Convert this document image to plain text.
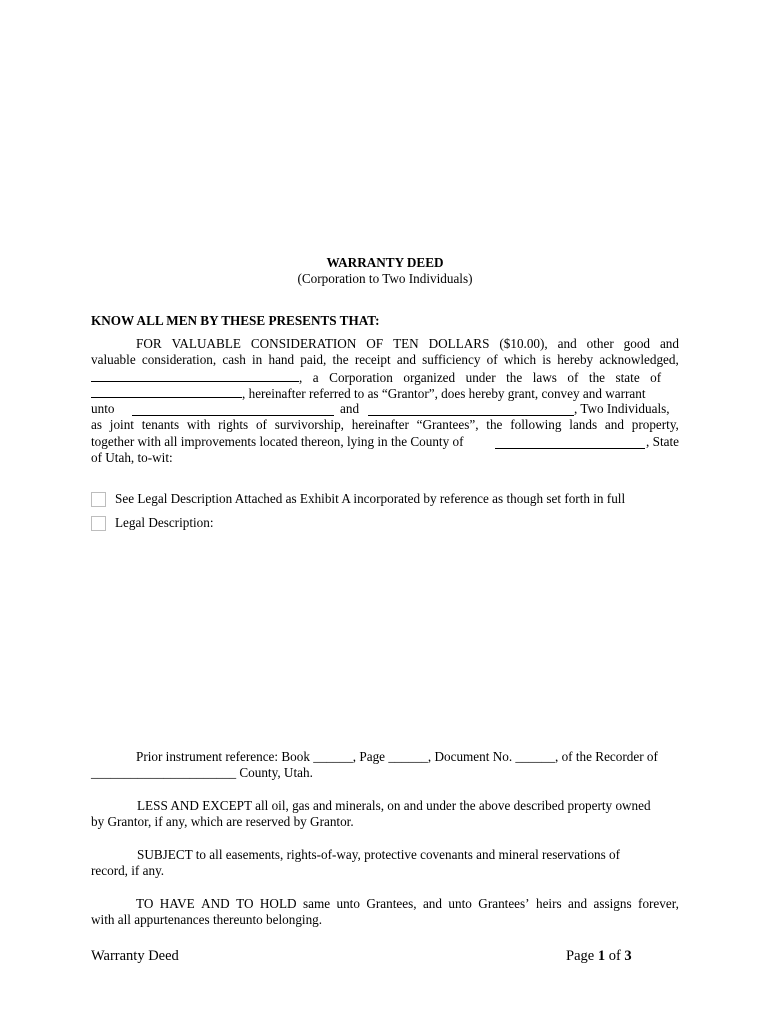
WARRANTY DEED
(Corporation to Two Individuals)
KNOW ALL MEN BY THESE PRESENTS THAT:
FOR VALUABLE CONSIDERATION OF TEN DOLLARS ($10.00), and other good and
valuable consideration, cash in hand paid, the receipt and sufficiency of which is hereby acknowledged,
, a Corporation organized under the laws of the state of
, hereinafter referred to as “Grantor”, does hereby grant, convey and warrant
unto	and	, Two Individuals,
as joint tenants with rights of survivorship, hereinafter “Grantees”, the following lands and property,
together with all improvements located thereon, lying in the County of	, State
of Utah, to-wit:
See Legal Description Attached as Exhibit A incorporated by reference as though set forth in full
Legal Description:
Prior instrument reference: Book ______, Page ______, Document No. ______, of the Recorder of
______________________ County, Utah.
LESS AND EXCEPT all oil, gas and minerals, on and under the above described property owned
by Grantor, if any, which are reserved by Grantor.
SUBJECT to all easements, rights-of-way, protective covenants and mineral reservations of
record, if any.
TO HAVE AND TO HOLD same unto Grantees, and unto Grantees’ heirs and assigns forever,
with all appurtenances thereunto belonging.
Warranty Deed	Page 1 of 3
